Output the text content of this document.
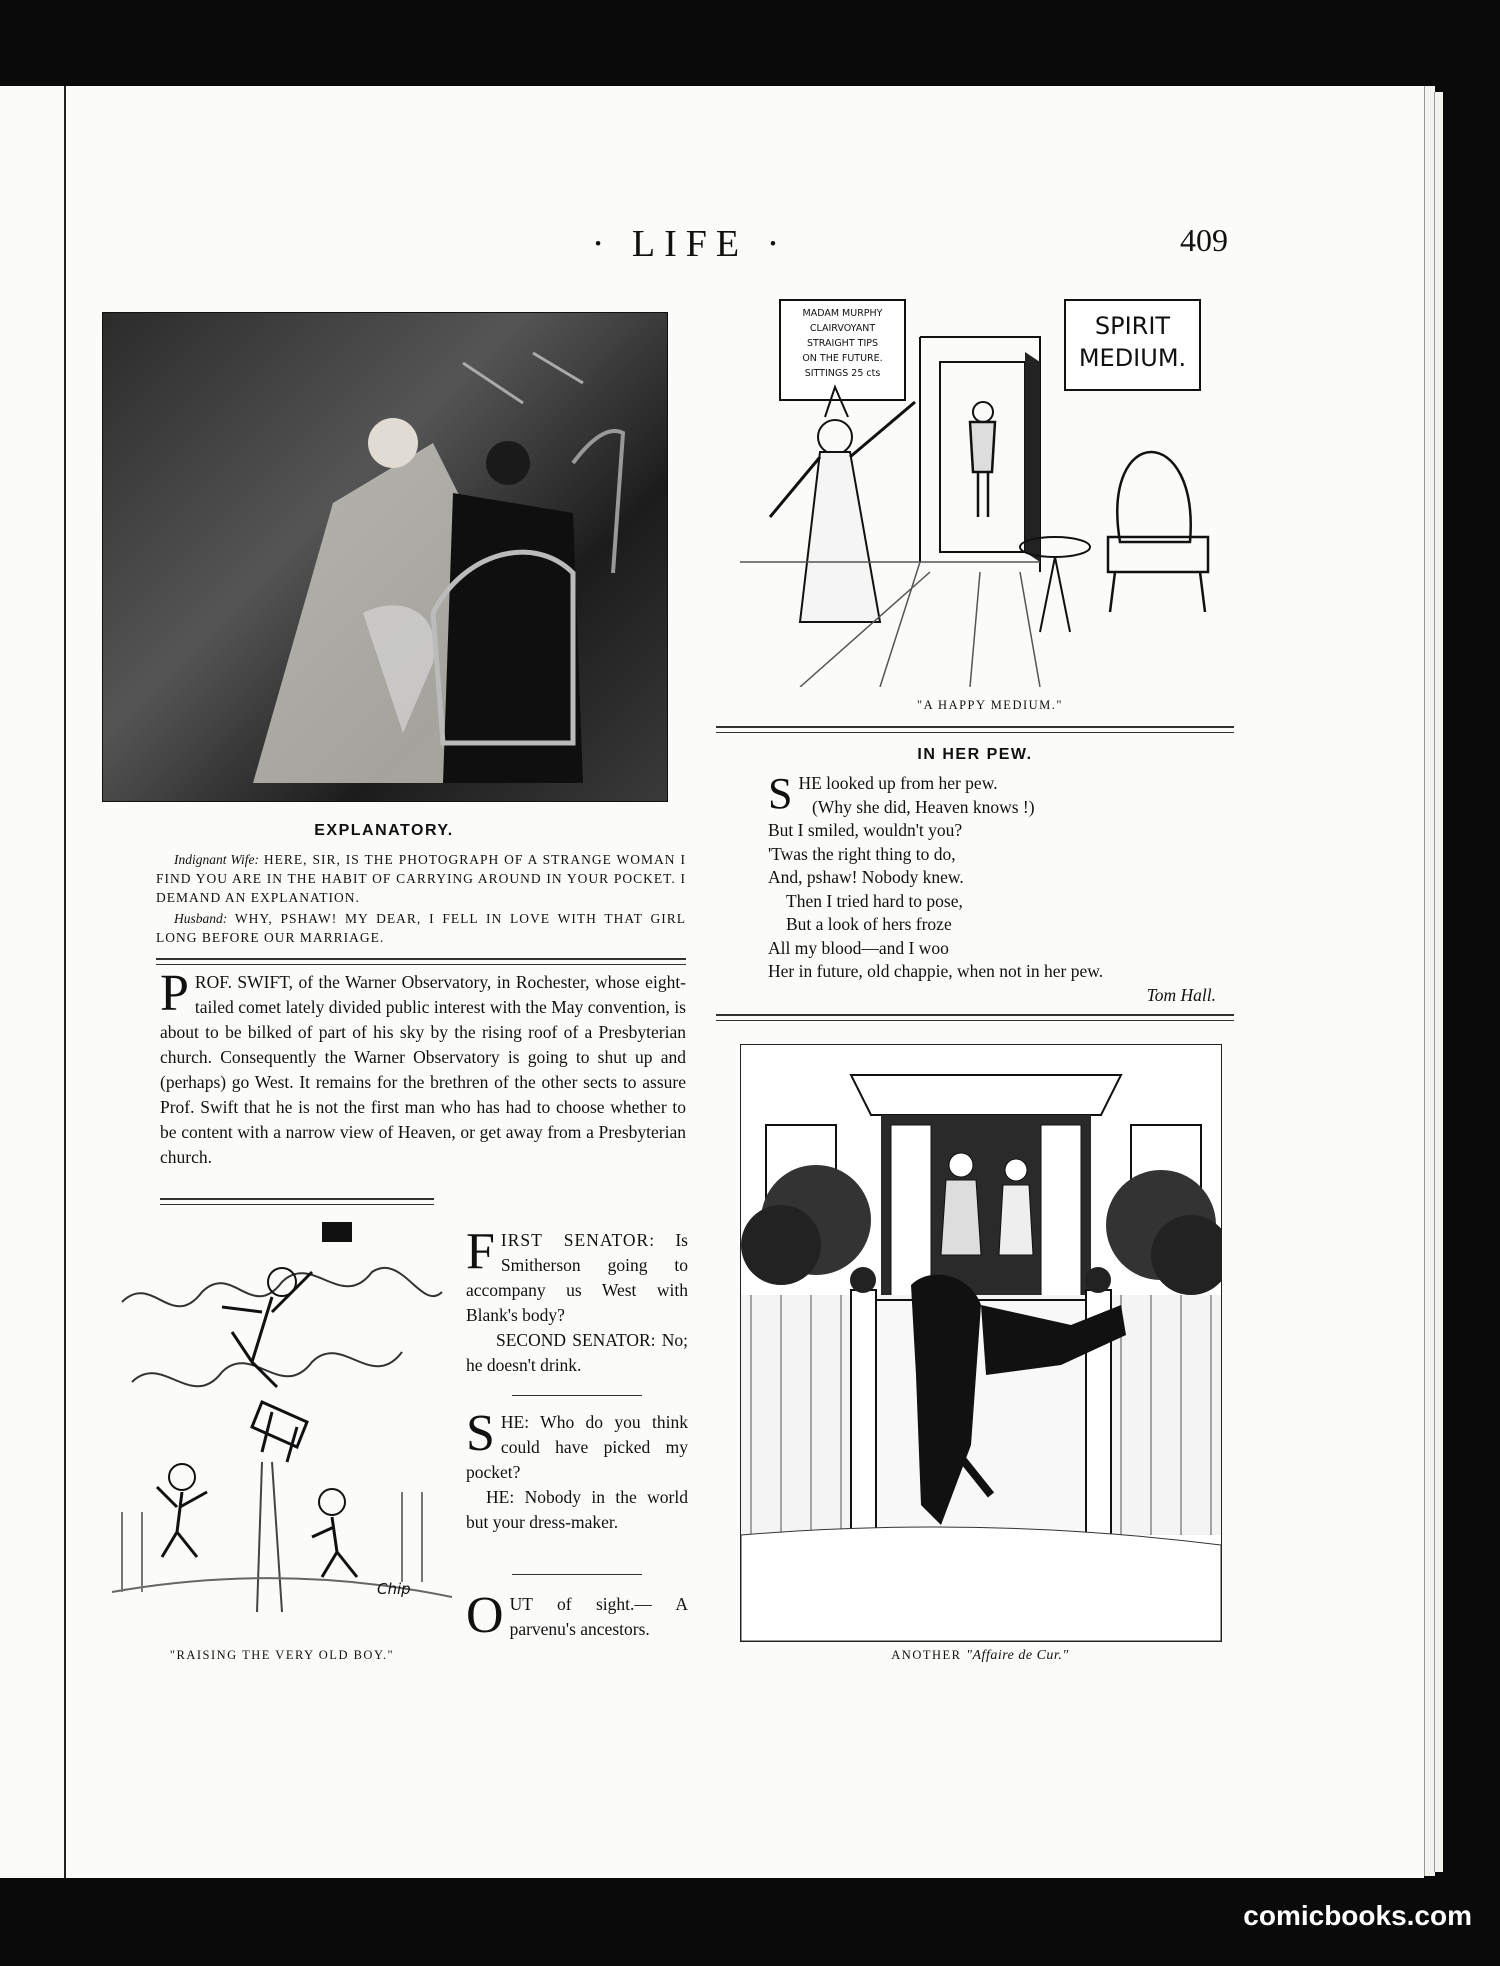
· LIFE ·	409
EXPLANATORY.
Indignant Wife: HERE, SIR, IS THE PHOTOGRAPH OF A STRANGE WOMAN I FIND YOU ARE IN THE HABIT OF CARRYING AROUND IN YOUR POCKET. I DEMAND AN EXPLANATION.
Husband: WHY, PSHAW! MY DEAR, I FELL IN LOVE WITH THAT GIRL LONG BEFORE OUR MARRIAGE.
P ROF. SWIFT, of the Warner Observatory, in Rochester, whose eight-tailed comet lately divided public interest with the May convention, is about to be bilked of part of his sky by the rising roof of a Presbyterian church. Consequently the Warner Observatory is going to shut up and (perhaps) go West. It remains for the brethren of the other sects to assure Prof. Swift that he is not the first man who has had to choose whether to be content with a narrow view of Heaven, or get away from a Presbyterian church.
Chip
"RAISING THE VERY OLD BOY."
F IRST SENATOR: Is Smitherson going to accompany us West with Blank's body?
SECOND SENATOR: No; he doesn't drink.
S HE: Who do you think could have picked my pocket?
HE: Nobody in the world but your dress-maker.
O UT of sight.— A parvenu's ancestors.
MADAM MURPHY
CLAIRVOYANT
STRAIGHT TIPS
ON THE FUTURE.
SITTINGS 25 cts
SPIRIT
MEDIUM.
"A HAPPY MEDIUM."
IN HER PEW.
S HE looked up from her pew.
(Why she did, Heaven knows !)
But I smiled, wouldn't you?
'Twas the right thing to do,
And, pshaw! Nobody knew.
Then I tried hard to pose,
But a look of hers froze
All my blood—and I woo
Her in future, old chappie, when not in her pew.
Tom Hall.
ANOTHER "Affaire de Cur."
comicbooks.com
